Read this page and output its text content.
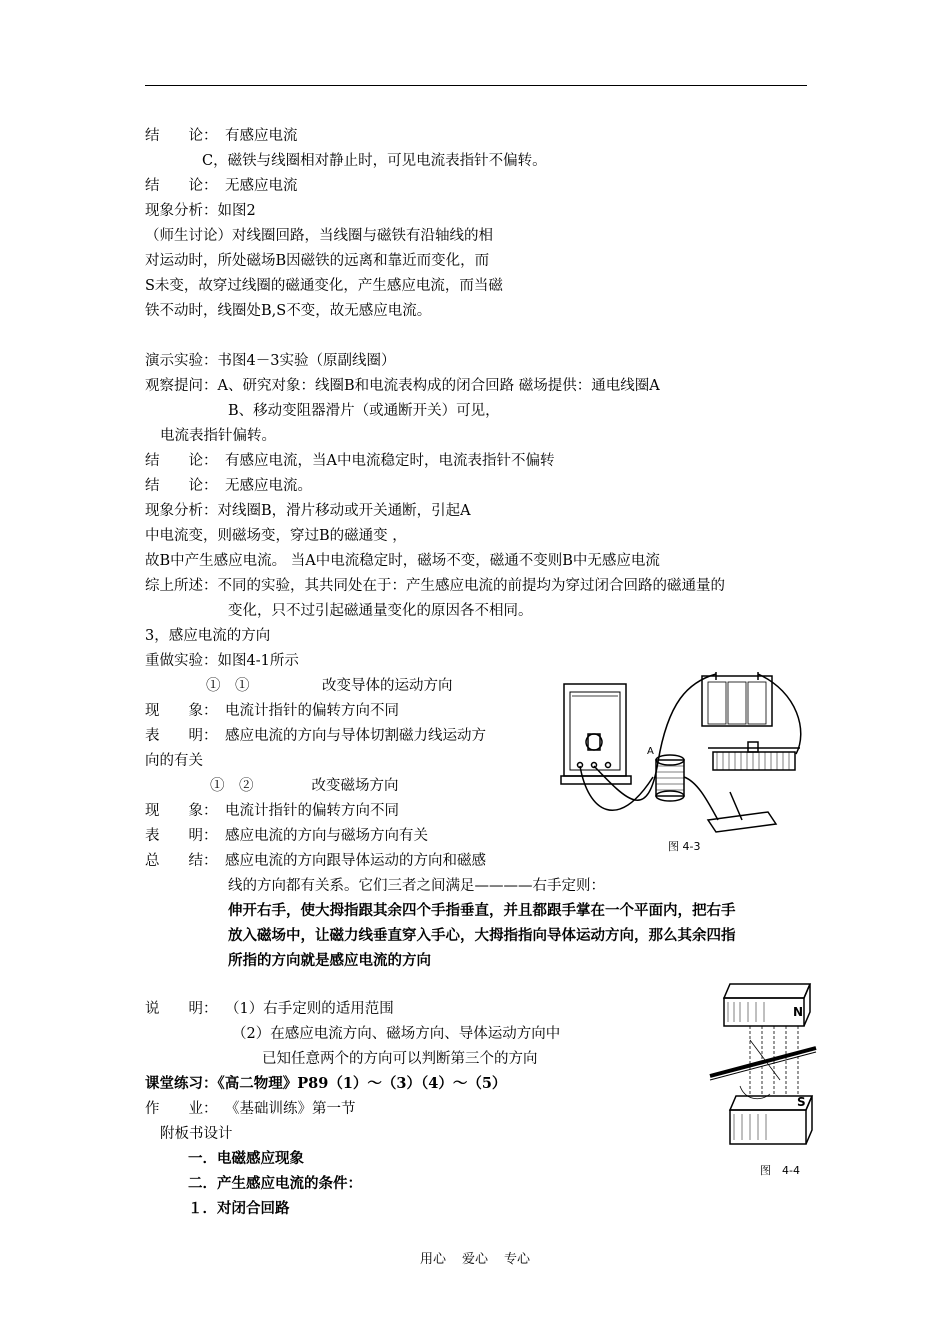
结　　论： 有感应电流
C，磁铁与线圈相对静止时，可见电流表指针不偏转。
结　　论： 无感应电流
现象分析：如图2
（师生讨论）对线圈回路，当线圈与磁铁有沿轴线的相
对运动时，所处磁场B因磁铁的远离和靠近而变化，而
S未变，故穿过线圈的磁通变化，产生感应电流，而当磁
铁不动时，线圈处B,S不变，故无感应电流。
演示实验：书图4－3实验（原副线圈）
观察提问：A、研究对象：线圈B和电流表构成的闭合回路 磁场提供：通电线圈A
B、移动变阻器滑片（或通断开关）可见，
电流表指针偏转。
结　　论： 有感应电流，当A中电流稳定时，电流表指针不偏转
结　　论： 无感应电流。
现象分析：对线圈B，滑片移动或开关通断，引起A
中电流变，则磁场变，穿过B的磁通变 ，
故B中产生感应电流。 当A中电流稳定时，磁场不变，磁通不变则B中无感应电流
综上所述：不同的实验，其共同处在于：产生感应电流的前提均为穿过闭合回路的磁通量的
变化，只不过引起磁通量变化的原因各不相同。
3，感应电流的方向
重做实验：如图4-1所示
①　①　　　　　改变导体的运动方向
现　　象： 电流计指针的偏转方向不同
表　　明： 感应电流的方向与导体切割磁力线运动方
向的有关
①　②　　　　改变磁场方向
现　　象： 电流计指针的偏转方向不同
表　　明： 感应电流的方向与磁场方向有关
总　　结： 感应电流的方向跟导体运动的方向和磁感
线的方向都有关系。它们三者之间满足————右手定则：
伸开右手，使大拇指跟其余四个手指垂直，并且都跟手掌在一个平面内，把右手
放入磁场中，让磁力线垂直穿入手心，大拇指指向导体运动方向，那么其余四指
所指的方向就是感应电流的方向
说　　明： （1）右手定则的适用范围
（2）在感应电流方向、磁场方向、导体运动方向中
已知任意两个的方向可以判断第三个的方向
课堂练习：《高二物理》P89（1）～（3）（4）～（5）
作　　业： 《基础训练》第一节
附板书设计
一．电磁感应现象
二．产生感应电流的条件：
１．对闭合回路
A
图 4-3
N
S
图　4-4
用心 爱心 专心
